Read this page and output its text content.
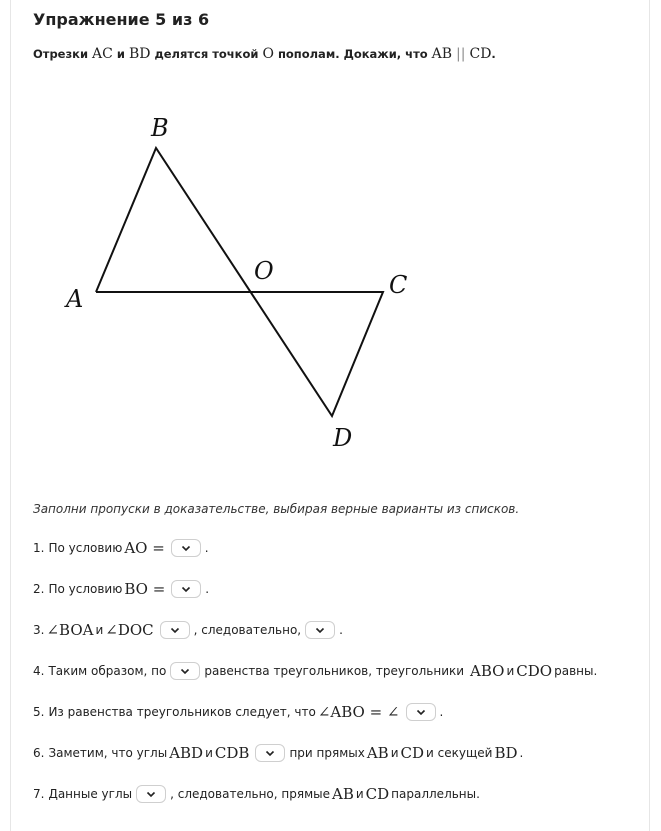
Упражнение 5 из 6
Отрезки AC и BD делятся точкой O пополам. Докажи, что AB || CD.
B
A
O	C
D
Заполни пропуски в доказательстве, выбирая верные варианты из списков.
1. По условию AO =	.
2. По условию BO =	.
3. ∠BOA и ∠DOC	, следовательно,	.
4. Таким образом, по	равенства треугольников, треугольники ABO и CDO равны.
5. Из равенства треугольников следует, что ∠ABO = ∠	.
6. Заметим, что углы ABD и CDB	при прямых AB и CD и секущей BD .
7. Данные углы	, следовательно, прямые AB и CD параллельны.
